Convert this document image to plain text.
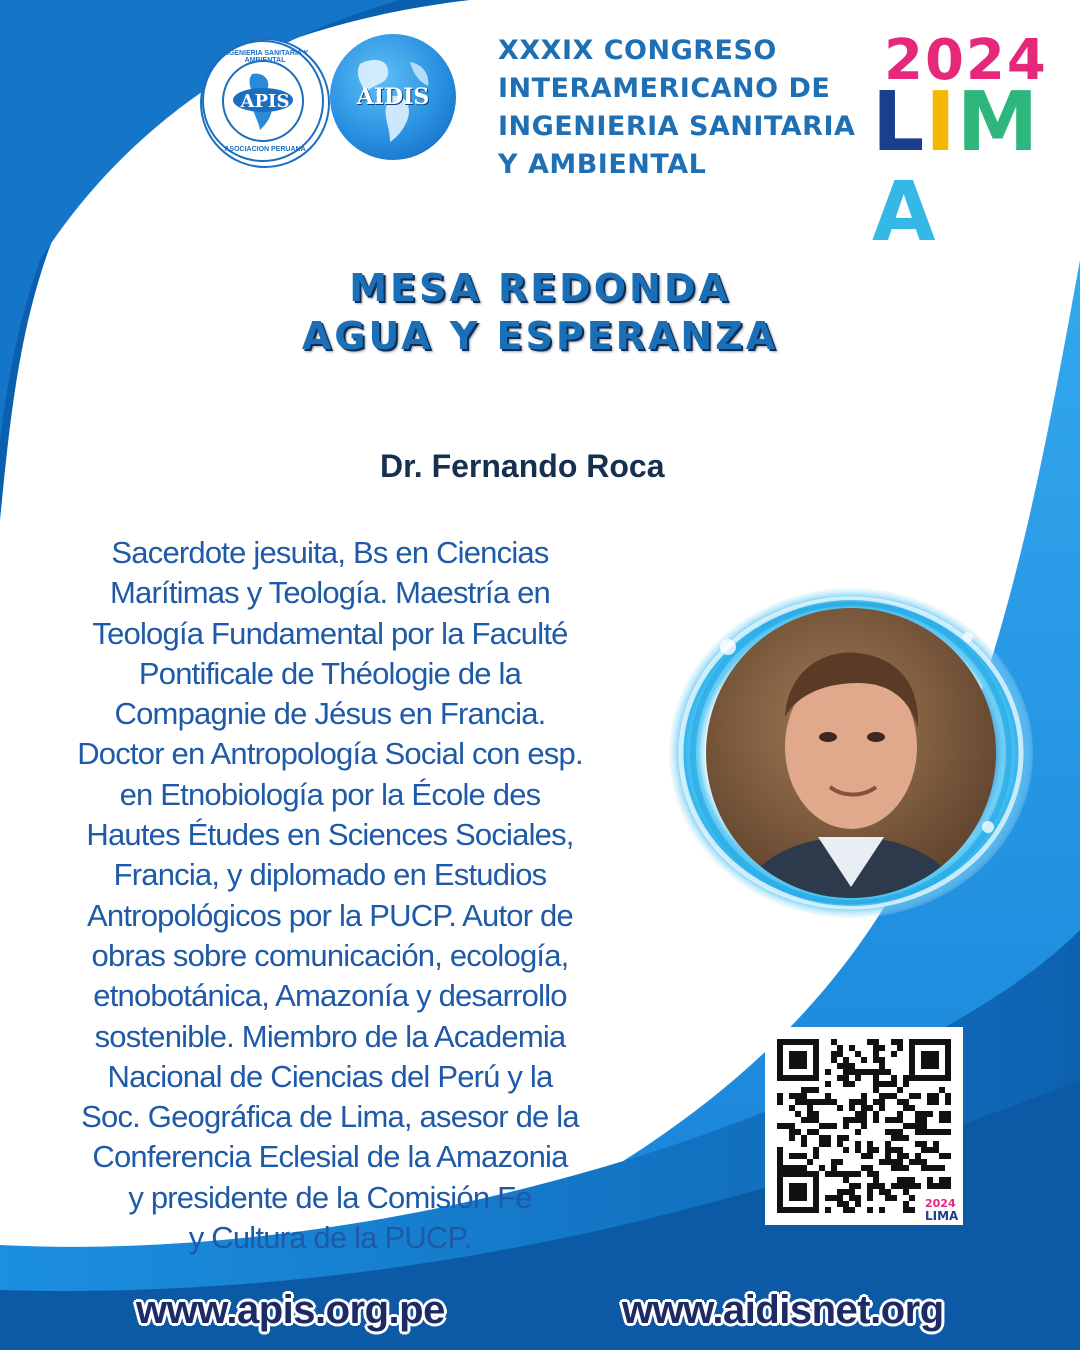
APIS
INGENIERIA SANITARIA Y AMBIENTAL
ASOCIACION PERUANA
AIDIS
XXXIX CONGRESO
INTERAMERICANO DE
INGENIERIA SANITARIA
Y AMBIENTAL
2024
LIMA
MESA REDONDA
AGUA Y ESPERANZA
Dr. Fernando Roca
Sacerdote jesuita, Bs en Ciencias
Marítimas y Teología. Maestría en
Teología Fundamental por la Faculté
Pontificale de Théologie de la
Compagnie de Jésus en Francia.
Doctor en Antropología Social con esp.
en Etnobiología por la École des
Hautes Études en Sciences Sociales,
Francia, y diplomado en Estudios
Antropológicos por la PUCP. Autor de
obras sobre comunicación, ecología,
etnobotánica, Amazonía y desarrollo
sostenible. Miembro de la Academia
Nacional de Ciencias del Perú y la
Soc. Geográfica de Lima, asesor de la
Conferencia Eclesial de la Amazonia
y presidente de la Comisión Fe
y Cultura de la PUCP.
2024
LIMA
www.apis.org.pe	www.aidisnet.org
